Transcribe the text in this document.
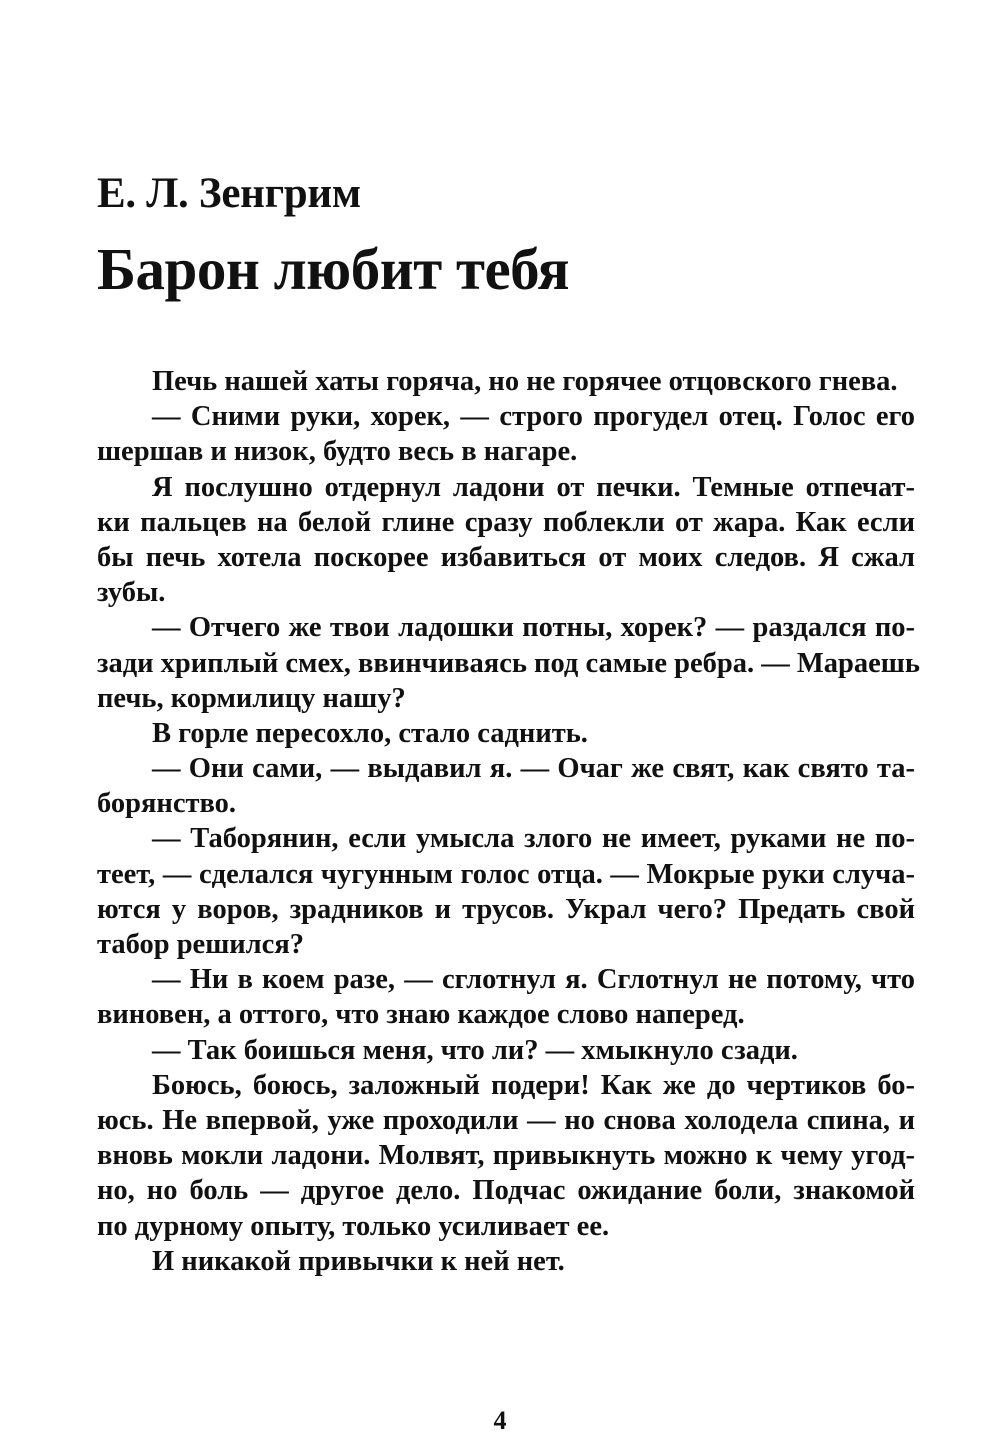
Е. Л. Зенгрим
Барон любит тебя
Печь нашей хаты горяча, но не горячее отцовского гнева.
— Сними руки, хорек, — строго прогудел отец. Голос его
шершав и низок, будто весь в нагаре.
Я послушно отдернул ладони от печки. Темные отпечат-
ки пальцев на белой глине сразу поблекли от жара. Как если
бы печь хотела поскорее избавиться от моих следов. Я сжал
зубы.
— Отчего же твои ладошки потны, хорек? — раздался по-
зади хриплый смех, ввинчиваясь под самые ребра. — Мараешь
печь, кормилицу нашу?
В горле пересохло, стало саднить.
— Они сами, — выдавил я. — Очаг же свят, как свято та-
борянство.
— Таборянин, если умысла злого не имеет, руками не по-
теет, — сделался чугунным голос отца. — Мокрые руки случа-
ются у воров, зрадников и трусов. Украл чего? Предать свой
табор решился?
— Ни в коем разе, — сглотнул я. Сглотнул не потому, что
виновен, а оттого, что знаю каждое слово наперед.
— Так боишься меня, что ли? — хмыкнуло сзади.
Боюсь, боюсь, заложный подери! Как же до чертиков бо-
юсь. Не впервой, уже проходили — но снова холодела спина, и
вновь мокли ладони. Молвят, привыкнуть можно к чему угод-
но, но боль — другое дело. Подчас ожидание боли, знакомой
по дурному опыту, только усиливает ее.
И никакой привычки к ней нет.
4
